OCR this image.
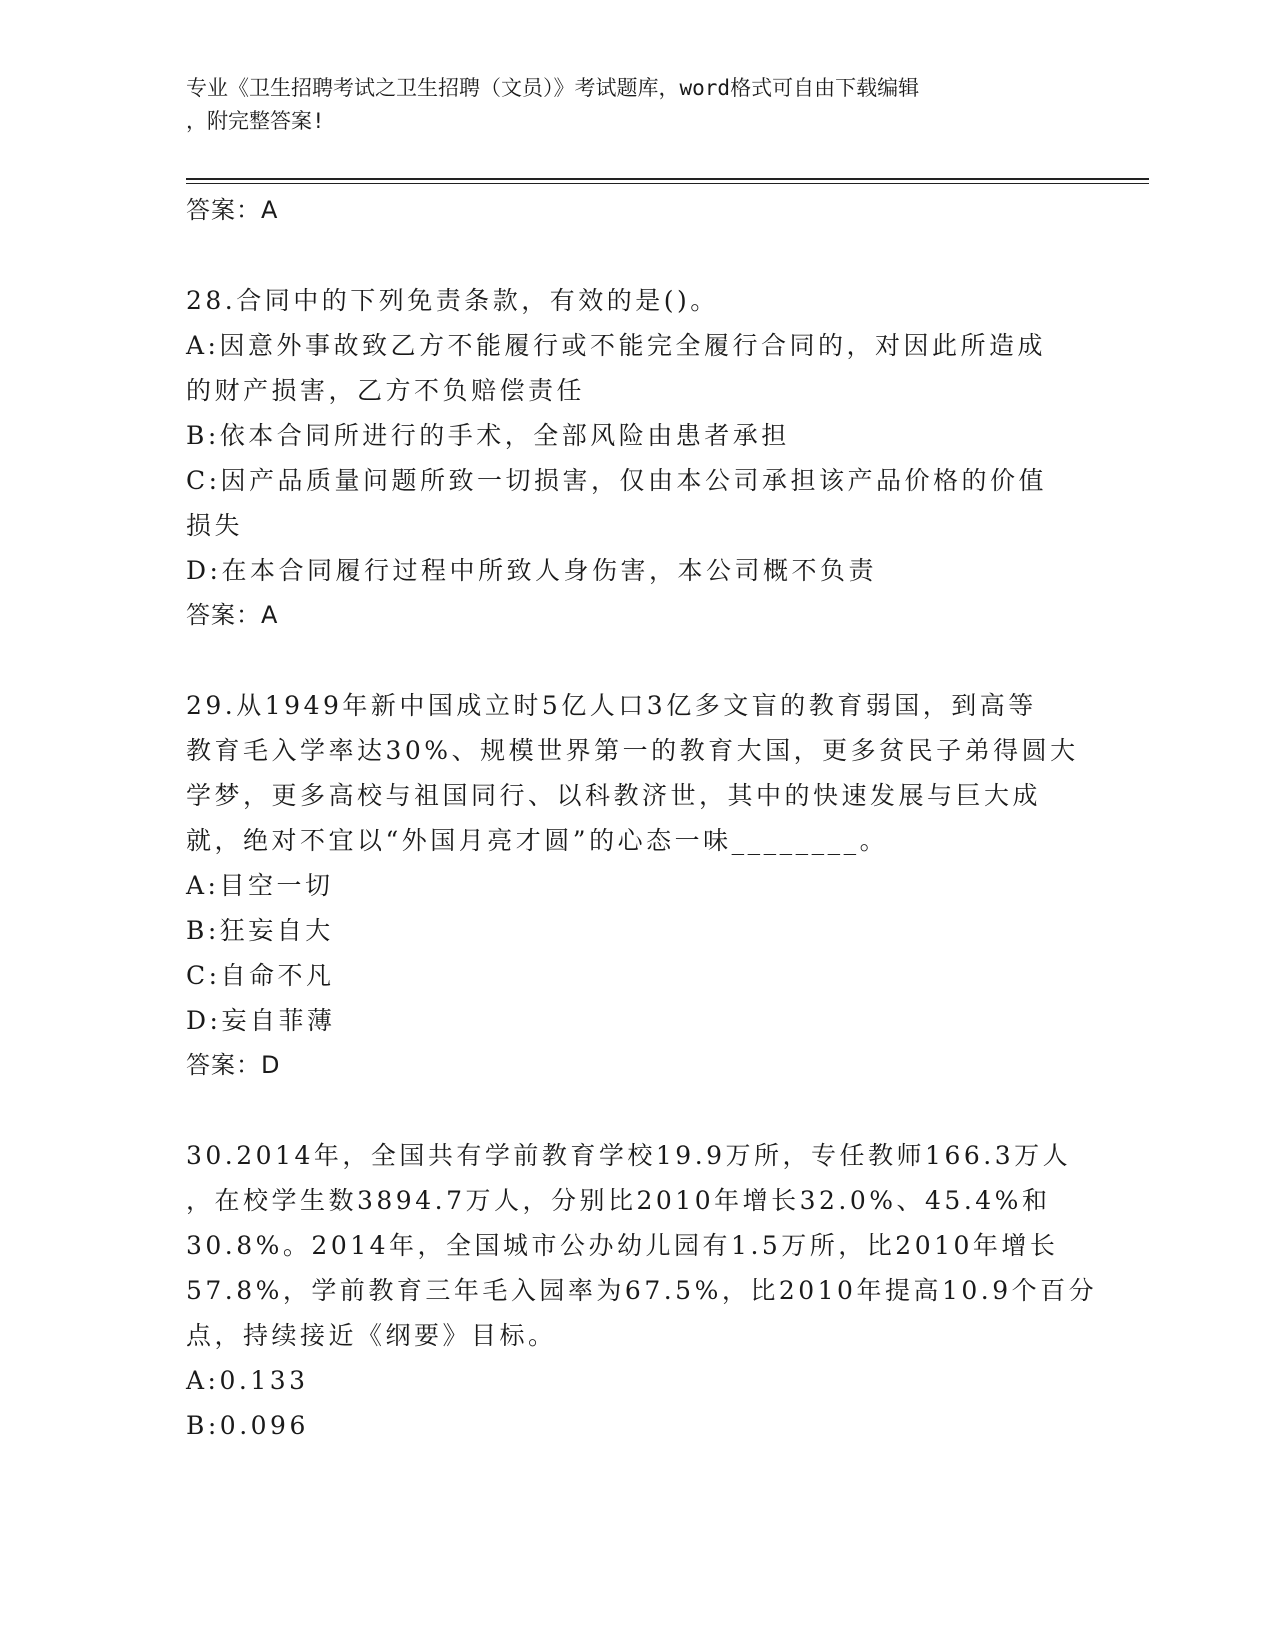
专业《卫生招聘考试之卫生招聘（文员）》考试题库，word格式可自由下载编辑
，附完整答案!

答案：A

28.合同中的下列免责条款，有效的是()。

A:因意外事故致乙方不能履行或不能完全履行合同的，对因此所造成

的财产损害，乙方不负赔偿责任

B:依本合同所进行的手术，全部风险由患者承担

C:因产品质量问题所致一切损害，仅由本公司承担该产品价格的价值

损失

D:在本合同履行过程中所致人身伤害，本公司概不负责

答案：A

29.从1949年新中国成立时5亿人口3亿多文盲的教育弱国，到高等

教育毛入学率达30%、规模世界第一的教育大国，更多贫民子弟得圆大

学梦，更多高校与祖国同行、以科教济世，其中的快速发展与巨大成

就，绝对不宜以“外国月亮才圆”的心态一味________。

A:目空一切

B:狂妄自大

C:自命不凡

D:妄自菲薄

答案：D

30.2014年，全国共有学前教育学校19.9万所，专任教师166.3万人

，在校学生数3894.7万人，分别比2010年增长32.0%、45.4%和

30.8%。2014年，全国城市公办幼儿园有1.5万所，比2010年增长

57.8%，学前教育三年毛入园率为67.5%，比2010年提高10.9个百分

点，持续接近《纲要》目标。

A:0.133

B:0.096
